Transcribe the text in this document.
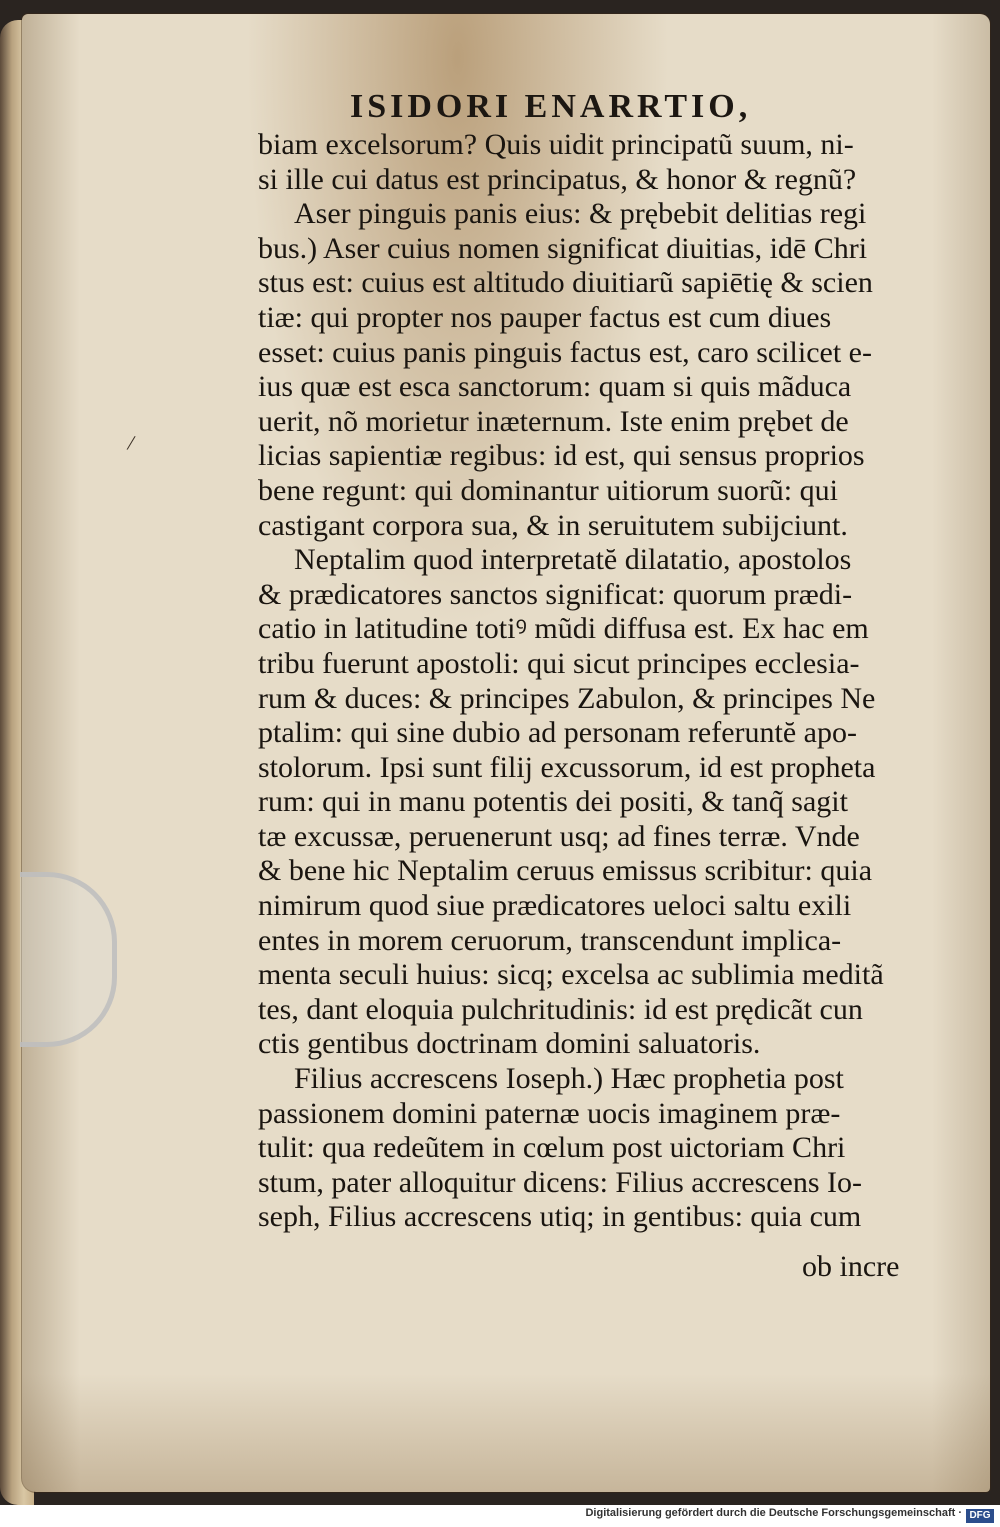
/
ISIDORI ENARRTIO,
biam excelsorum? Quis uidit principatũ suum, ni-
si ille cui datus est principatus, & honor & regnũ?
Aser pinguis panis eius: & prębebit delitias regi
bus.) Aser cuius nomen significat diuitias, idē Chri
stus est: cuius est altitudo diuitiarũ sapiētię & scien
tiæ: qui propter nos pauper factus est cum diues
esset: cuius panis pinguis factus est, caro scilicet e-
ius quæ est esca sanctorum: quam si quis mãduca
uerit, nõ morietur inæternum. Iste enim prębet de
licias sapientiæ regibus: id est, qui sensus proprios
bene regunt: qui dominantur uitiorum suorũ: qui
castigant corpora sua, & in seruitutem subijciunt.
Neptalim quod interpretatĕ dilatatio, apostolos
& prædicatores sanctos significat: quorum prædi-
catio in latitudine totiꝰ mũdi diffusa est. Ex hac em
tribu fuerunt apostoli: qui sicut principes ecclesia-
rum & duces: & principes Zabulon, & principes Ne
ptalim: qui sine dubio ad personam referuntĕ apo-
stolorum. Ipsi sunt filij excussorum, id est propheta
rum: qui in manu potentis dei positi, & tanq̃ sagit
tæ excussæ, peruenerunt usq; ad fines terræ. Vnde
& bene hic Neptalim ceruus emissus scribitur: quia
nimirum quod siue prædicatores ueloci saltu exili
entes in morem ceruorum, transcendunt implica-
menta seculi huius: sicq; excelsa ac sublimia meditã
tes, dant eloquia pulchritudinis: id est prędicãt cun
ctis gentibus doctrinam domini saluatoris.
Filius accrescens Ioseph.) Hæc prophetia post
passionem domini paternæ uocis imaginem præ-
tulit: qua redeũtem in cœlum post uictoriam Chri
stum, pater alloquitur dicens: Filius accrescens Io-
seph, Filius accrescens utiq; in gentibus: quia cum
ob incre
Digitalisierung gefördert durch die Deutsche Forschungsgemeinschaft · DFG
